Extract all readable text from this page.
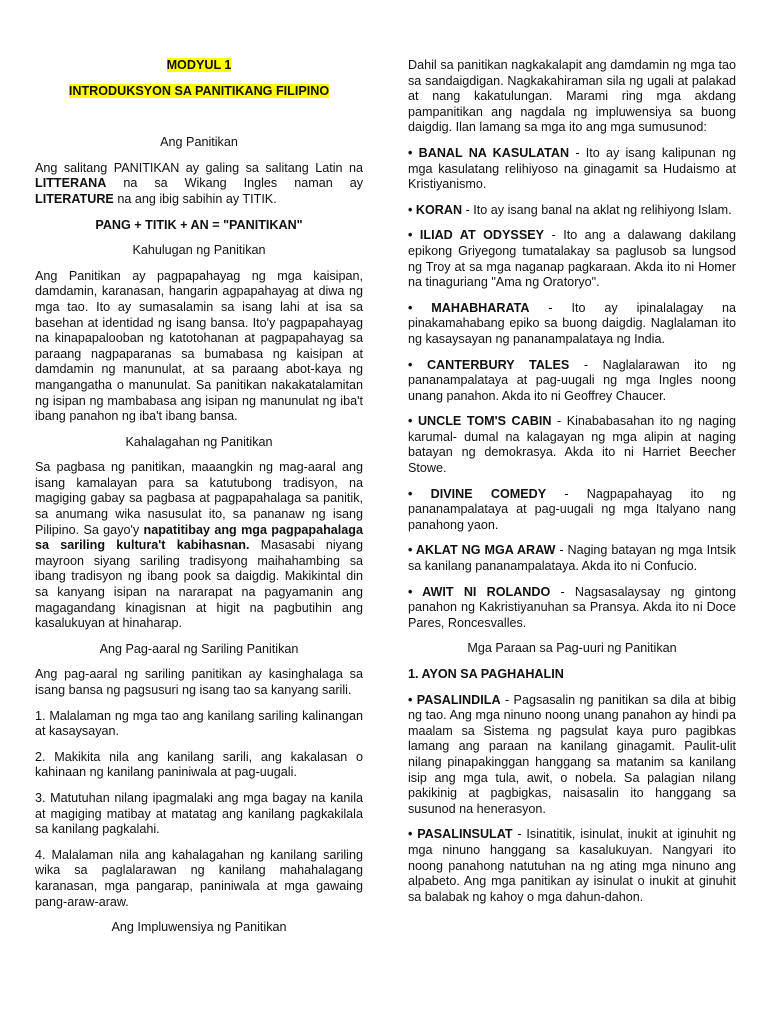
MODYUL 1

INTRODUKSYON SA PANITIKANG FILIPINO

Ang Panitikan

Ang salitang PANITIKAN ay galing sa salitang Latin na LITTERANA na sa Wikang Ingles naman ay LITERATURE na ang ibig sabihin ay TITIK.

PANG + TITIK + AN = "PANITIKAN"

Kahulugan ng Panitikan

Ang Panitikan ay pagpapahayag ng mga kaisipan, damdamin, karanasan, hangarin agpapahayag at diwa ng mga tao. Ito ay sumasalamin sa isang lahi at isa sa basehan at identidad ng isang bansa. Ito'y pagpapahayag na kinapapalooban ng katotohanan at pagpapahayag sa paraang nagpaparanas sa bumabasa ng kaisipan at damdamin ng manunulat, at sa paraang abot-kaya ng mangangatha o manunulat. Sa panitikan nakakatalamitan ng isipan ng mambabasa ang isipan ng manunulat ng iba't ibang panahon ng iba't ibang bansa.

Kahalagahan ng Panitikan

Sa pagbasa ng panitikan, maaangkin ng mag-aaral ang isang kamalayan para sa katutubong tradisyon, na magiging gabay sa pagbasa at pagpapahalaga sa panitik, sa anumang wika nasusulat ito, sa pananaw ng isang Pilipino. Sa gayo'y napatitibay ang mga pagpapahalaga sa sariling kultura't kabihasnan. Masasabi niyang mayroon siyang sariling tradisyong maihahambing sa ibang tradisyon ng ibang pook sa daigdig. Makikintal din sa kanyang isipan na nararapat na pagyamanin ang magagandang kinagisnan at higit na pagbutihin ang kasalukuyan at hinaharap.

Ang Pag-aaral ng Sariling Panitikan

Ang pag-aaral ng sariling panitikan ay kasinghalaga sa isang bansa ng pagsusuri ng isang tao sa kanyang sarili.

1. Malalaman ng mga tao ang kanilang sariling kalinangan at kasaysayan.

2. Makikita nila ang kanilang sarili, ang kakalasan o kahinaan ng kanilang paniniwala at pag-uugali.

3. Matutuhan nilang ipagmalaki ang mga bagay na kanila at magiging matibay at matatag ang kanilang pagkakilala sa kanilang pagkalahi.

4. Malalaman nila ang kahalagahan ng kanilang sariling wika sa paglalarawan ng kanilang mahahalagang karanasan, mga pangarap, paniniwala at mga gawaing pang-araw-araw.

Ang Impluwensiya ng Panitikan

Dahil sa panitikan nagkakalapit ang damdamin ng mga tao sa sandaigdigan. Nagkakahiraman sila ng ugali at palakad at nang kakatulungan. Marami ring mga akdang pampanitikan ang nagdala ng impluwensiya sa buong daigdig. Ilan lamang sa mga ito ang mga sumusunod:

• BANAL NA KASULATAN - Ito ay isang kalipunan ng mga kasulatang relihiyoso na ginagamit sa Hudaismo at Kristiyanismo.

• KORAN - Ito ay isang banal na aklat ng relihiyong Islam.

• ILIAD AT ODYSSEY - Ito ang a dalawang dakilang epikong Griyegong tumatalakay sa paglusob sa lungsod ng Troy at sa mga naganap pagkaraan. Akda ito ni Homer na tinaguriang "Ama ng Oratoryo".

• MAHABHARATA - Ito ay ipinalalagay na pinakamahabang epiko sa buong daigdig. Naglalaman ito ng kasaysayan ng pananampalataya ng India.

• CANTERBURY TALES - Naglalarawan ito ng pananampalataya at pag-uugali ng mga Ingles noong unang panahon. Akda ito ni Geoffrey Chaucer.

• UNCLE TOM'S CABIN - Kinababasahan ito ng naging karumal- dumal na kalagayan ng mga alipin at naging batayan ng demokrasya. Akda ito ni Harriet Beecher Stowe.

• DIVINE COMEDY - Nagpapahayag ito ng pananampalataya at pag-uugali ng mga Italyano nang panahong yaon.

• AKLAT NG MGA ARAW - Naging batayan ng mga Intsik sa kanilang pananampalataya. Akda ito ni Confucio.

• AWIT NI ROLANDO - Nagsasalaysay ng gintong panahon ng Kakristiyanuhan sa Pransya. Akda ito ni Doce Pares, Roncesvalles.

Mga Paraan sa Pag-uuri ng Panitikan

1. AYON SA PAGHAHALIN

• PASALINDILA - Pagsasalin ng panitikan sa dila at bibig ng tao. Ang mga ninuno noong unang panahon ay hindi pa maalam sa Sistema ng pagsulat kaya puro pagibkas lamang ang paraan na kanilang ginagamit. Paulit-ulit nilang pinapakinggan hanggang sa matanim sa kanilang isip ang mga tula, awit, o nobela. Sa palagian nilang pakikinig at pagbigkas, naisasalin ito hanggang sa susunod na henerasyon.

• PASALINSULAT - Isinatitik, isinulat, inukit at iginuhit ng mga ninuno hanggang sa kasalukuyan. Nangyari ito noong panahong natutuhan na ng ating mga ninuno ang alpabeto. Ang mga panitikan ay isinulat o inukit at ginuhit sa balabak ng kahoy o mga dahun-dahon.
